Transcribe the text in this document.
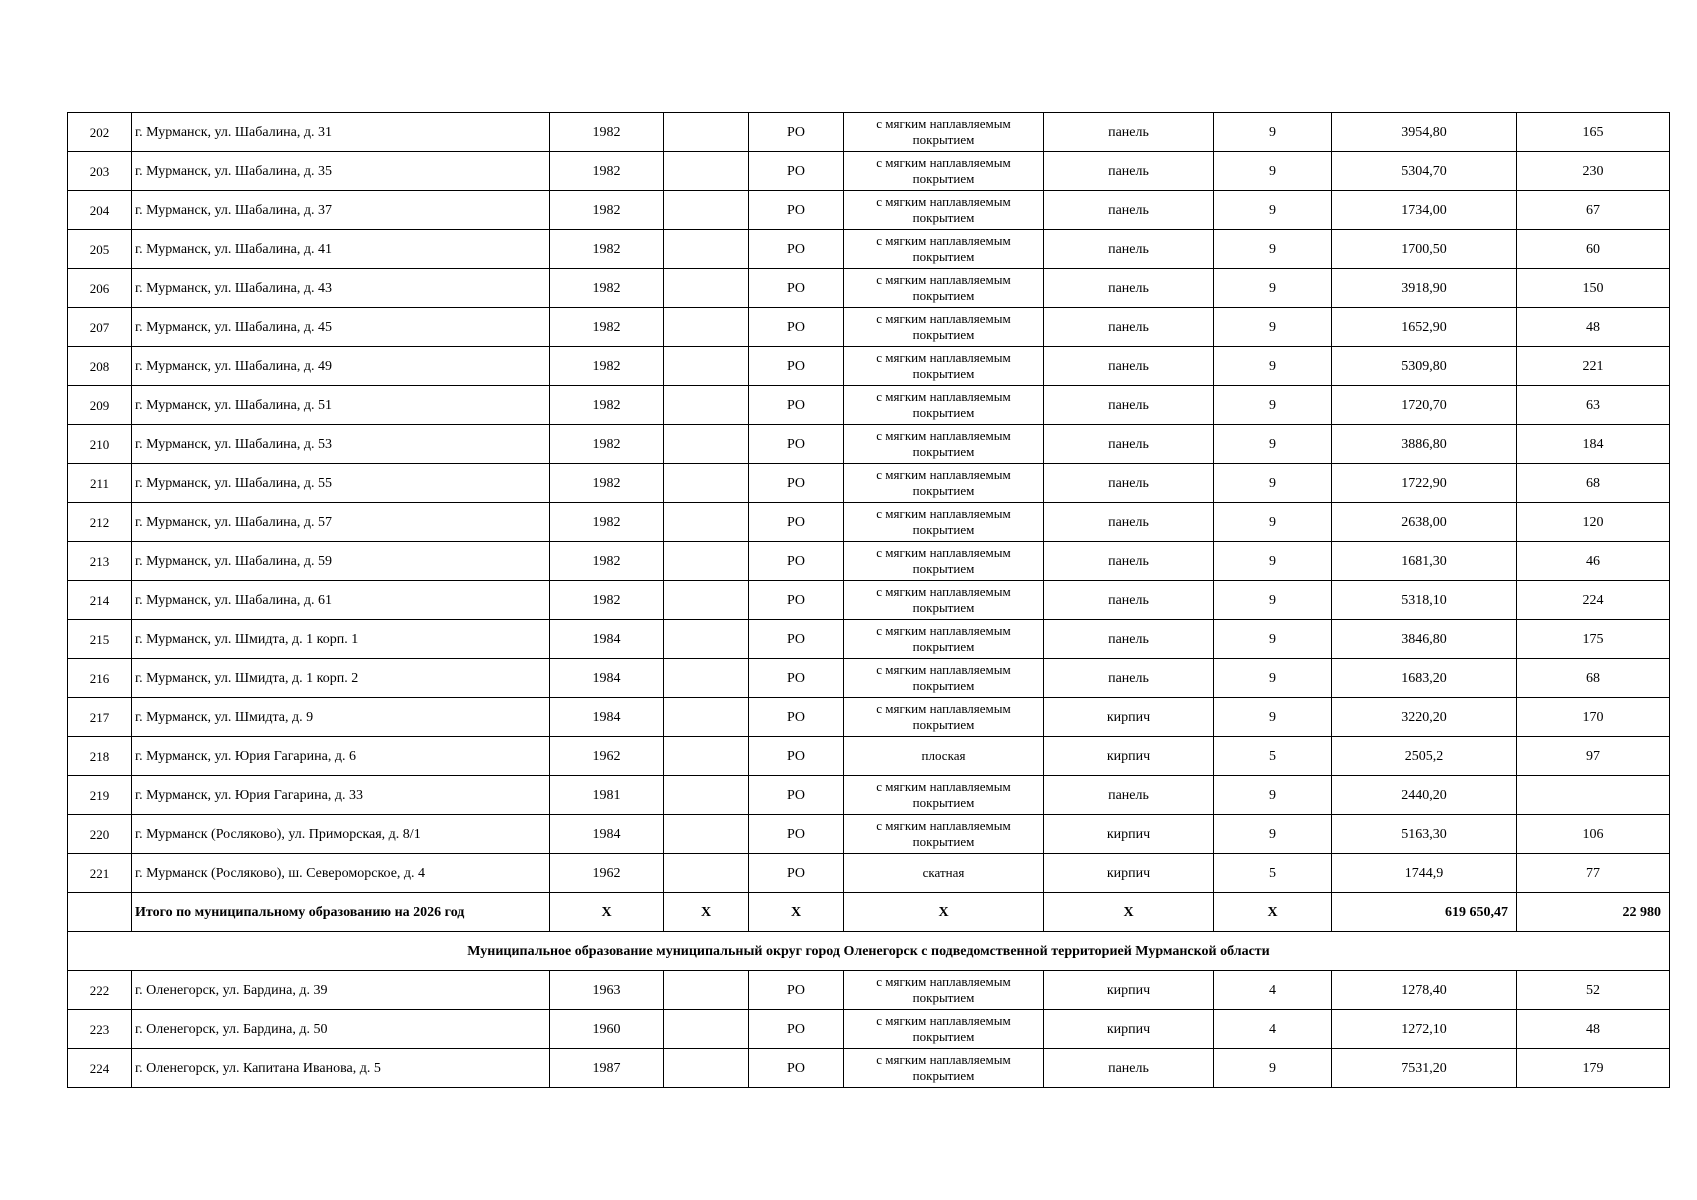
202	г. Мурманск, ул. Шабалина, д. 31	1982		РО	с мягким наплавляемым покрытием	панель	9	3954,80	165
203	г. Мурманск, ул. Шабалина, д. 35	1982		РО	с мягким наплавляемым покрытием	панель	9	5304,70	230
204	г. Мурманск, ул. Шабалина, д. 37	1982		РО	с мягким наплавляемым покрытием	панель	9	1734,00	67
205	г. Мурманск, ул. Шабалина, д. 41	1982		РО	с мягким наплавляемым покрытием	панель	9	1700,50	60
206	г. Мурманск, ул. Шабалина, д. 43	1982		РО	с мягким наплавляемым покрытием	панель	9	3918,90	150
207	г. Мурманск, ул. Шабалина, д. 45	1982		РО	с мягким наплавляемым покрытием	панель	9	1652,90	48
208	г. Мурманск, ул. Шабалина, д. 49	1982		РО	с мягким наплавляемым покрытием	панель	9	5309,80	221
209	г. Мурманск, ул. Шабалина, д. 51	1982		РО	с мягким наплавляемым покрытием	панель	9	1720,70	63
210	г. Мурманск, ул. Шабалина, д. 53	1982		РО	с мягким наплавляемым покрытием	панель	9	3886,80	184
211	г. Мурманск, ул. Шабалина, д. 55	1982		РО	с мягким наплавляемым покрытием	панель	9	1722,90	68
212	г. Мурманск, ул. Шабалина, д. 57	1982		РО	с мягким наплавляемым покрытием	панель	9	2638,00	120
213	г. Мурманск, ул. Шабалина, д. 59	1982		РО	с мягким наплавляемым покрытием	панель	9	1681,30	46
214	г. Мурманск, ул. Шабалина, д. 61	1982		РО	с мягким наплавляемым покрытием	панель	9	5318,10	224
215	г. Мурманск, ул. Шмидта, д. 1 корп. 1	1984		РО	с мягким наплавляемым покрытием	панель	9	3846,80	175
216	г. Мурманск, ул. Шмидта, д. 1 корп. 2	1984		РО	с мягким наплавляемым покрытием	панель	9	1683,20	68
217	г. Мурманск, ул. Шмидта, д. 9	1984		РО	с мягким наплавляемым покрытием	кирпич	9	3220,20	170
218	г. Мурманск, ул. Юрия Гагарина, д. 6	1962		РО	плоская	кирпич	5	2505,2	97
219	г. Мурманск, ул. Юрия Гагарина, д. 33	1981		РО	с мягким наплавляемым покрытием	панель	9	2440,20	
220	г. Мурманск (Росляково), ул. Приморская, д. 8/1	1984		РО	с мягким наплавляемым покрытием	кирпич	9	5163,30	106
221	г. Мурманск (Росляково), ш. Североморское, д. 4	1962		РО	скатная	кирпич	5	1744,9	77
	Итого по муниципальному образованию на 2026 год	X	X	X	X	X	X	619 650,47	22 980
Муниципальное образование муниципальный округ город Оленегорск с подведомственной территорией Мурманской области									
222	г. Оленегорск, ул. Бардина, д. 39	1963		РО	с мягким наплавляемым покрытием	кирпич	4	1278,40	52
223	г. Оленегорск, ул. Бардина, д. 50	1960		РО	с мягким наплавляемым покрытием	кирпич	4	1272,10	48
224	г. Оленегорск, ул. Капитана Иванова, д. 5	1987		РО	с мягким наплавляемым покрытием	панель	9	7531,20	179
